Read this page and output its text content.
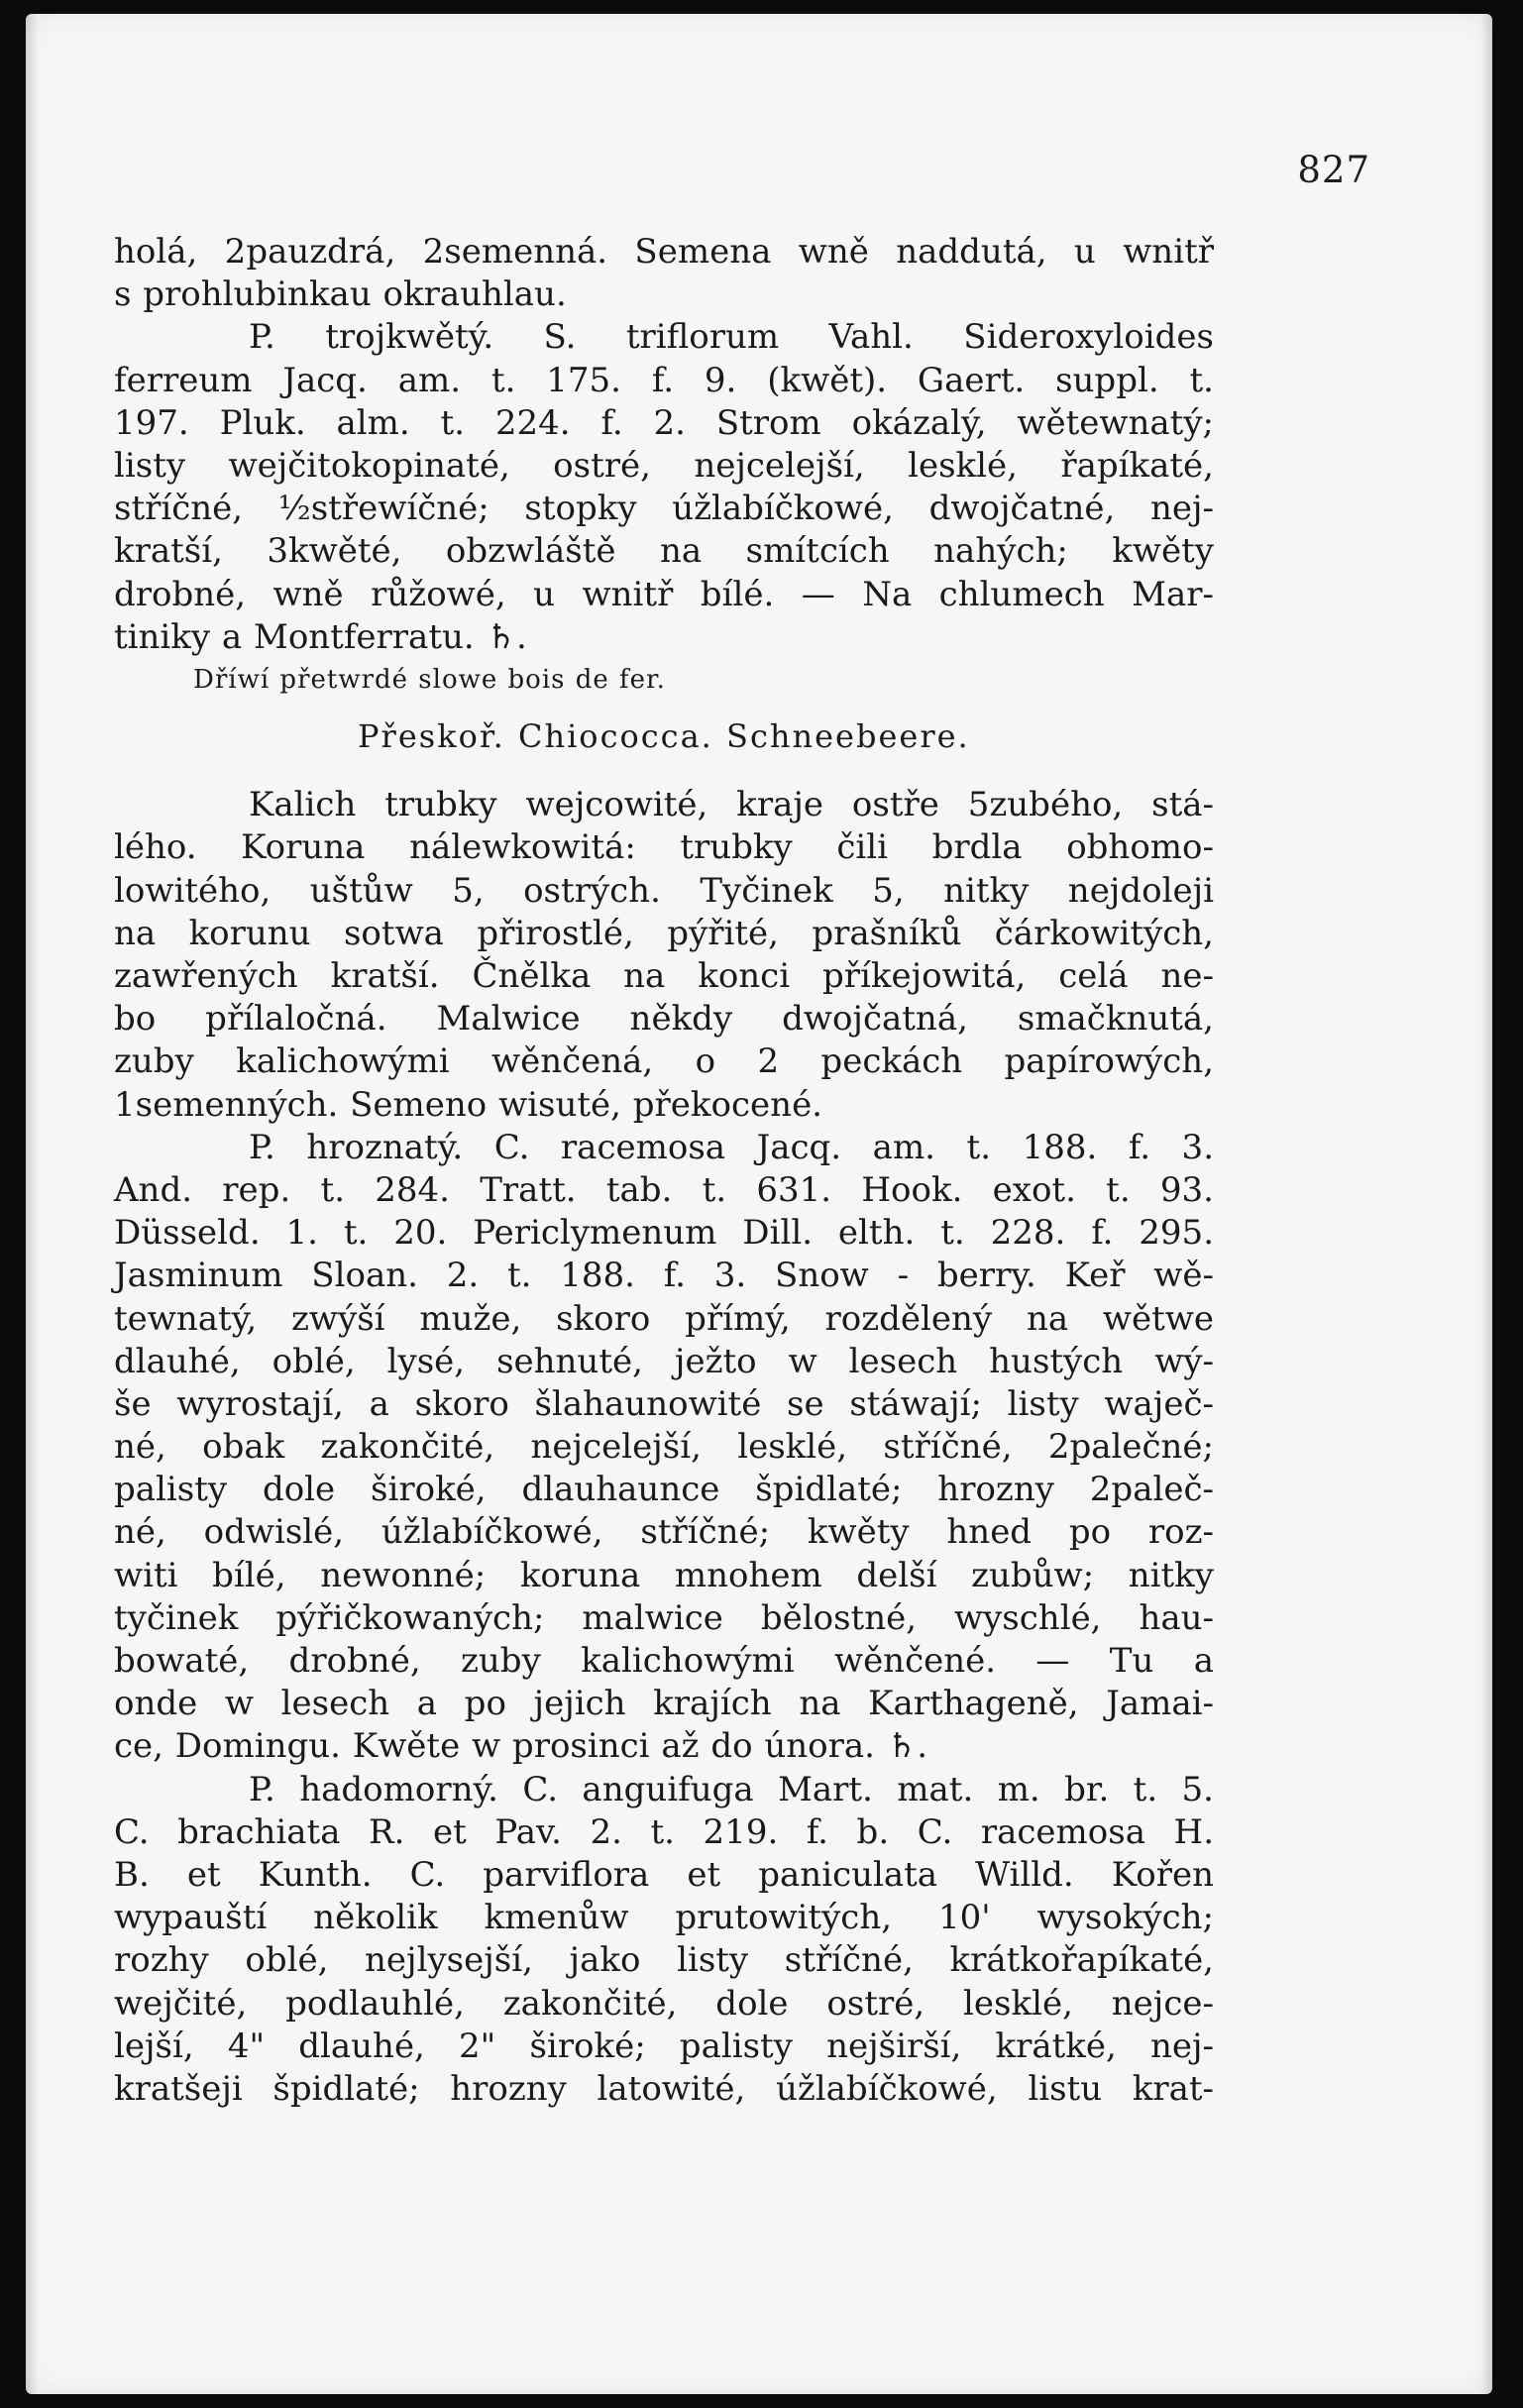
827
holá, 2pauzdrá, 2semenná. Semena wně naddutá, u wnitř
s prohlubinkau okrauhlau.
P. trojkwětý. S. triflorum Vahl. Sideroxyloides
ferreum Jacq. am. t. 175. f. 9. (kwět). Gaert. suppl. t.
197. Pluk. alm. t. 224. f. 2. Strom okázalý, wětewnatý;
listy wejčitokopinaté, ostré, nejcelejší, lesklé, řapíkaté,
stříčné, ½střewíčné; stopky úžlabíčkowé, dwojčatné, nej-
kratší, 3kwěté, obzwláště na smítcích nahých; kwěty
drobné, wně růžowé, u wnitř bílé. — Na chlumech Mar-
tiniky a Montferratu. ♄.
Dříwí přetwrdé slowe bois de fer.
Přeskoř. Chiococca. Schneebeere.
Kalich trubky wejcowité, kraje ostře 5zubého, stá-
lého. Koruna nálewkowitá: trubky čili brdla obhomo-
lowitého, uštůw 5, ostrých. Tyčinek 5, nitky nejdoleji
na korunu sotwa přirostlé, pýřité, prašníků čárkowitých,
zawřených kratší. Čnělka na konci příkejowitá, celá ne-
bo přílaločná. Malwice někdy dwojčatná, smačknutá,
zuby kalichowými wěnčená, o 2 peckách papírowých,
1semenných. Semeno wisuté, překocené.
P. hroznatý. C. racemosa Jacq. am. t. 188. f. 3.
And. rep. t. 284. Tratt. tab. t. 631. Hook. exot. t. 93.
Düsseld. 1. t. 20. Periclymenum Dill. elth. t. 228. f. 295.
Jasminum Sloan. 2. t. 188. f. 3. Snow - berry. Keř wě-
tewnatý, zwýší muže, skoro přímý, rozdělený na wětwe
dlauhé, oblé, lysé, sehnuté, ježto w lesech hustých wý-
še wyrostají, a skoro šlahaunowité se stáwají; listy waječ-
né, obak zakončité, nejcelejší, lesklé, stříčné, 2palečné;
palisty dole široké, dlauhaunce špidlaté; hrozny 2paleč-
né, odwislé, úžlabíčkowé, stříčné; kwěty hned po roz-
witi bílé, newonné; koruna mnohem delší zubůw; nitky
tyčinek pýřičkowaných; malwice bělostné, wyschlé, hau-
bowaté, drobné, zuby kalichowými wěnčené. — Tu a
onde w lesech a po jejich krajích na Karthageně, Jamai-
ce, Domingu. Kwěte w prosinci až do února. ♄.
P. hadomorný. C. anguifuga Mart. mat. m. br. t. 5.
C. brachiata R. et Pav. 2. t. 219. f. b. C. racemosa H.
B. et Kunth. C. parviflora et paniculata Willd. Kořen
wypauští několik kmenůw prutowitých, 10' wysokých;
rozhy oblé, nejlysejší, jako listy stříčné, krátkořapíkaté,
wejčité, podlauhlé, zakončité, dole ostré, lesklé, nejce-
lejší, 4" dlauhé, 2" široké; palisty nejširší, krátké, nej-
kratšeji špidlaté; hrozny latowité, úžlabíčkowé, listu krat-
